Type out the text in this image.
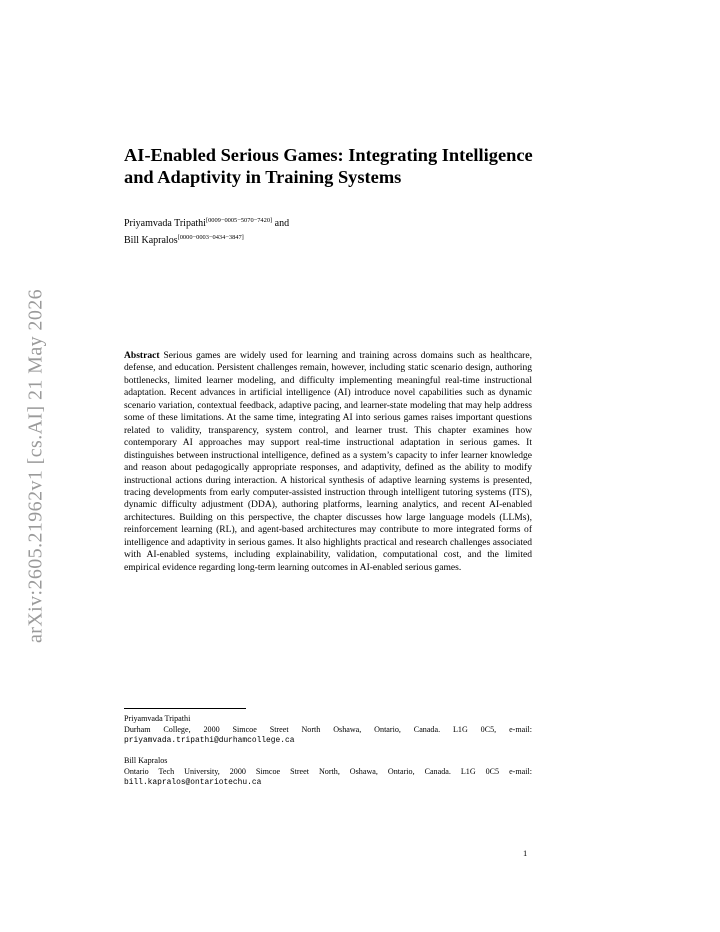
arXiv:2605.21962v1 [cs.AI] 21 May 2026
AI-Enabled Serious Games: Integrating Intelligence and Adaptivity in Training Systems
Priyamvada Tripathi[0009−0005−5070−7420] and
Bill Kapralos[0000−0003−0434−3847]

Abstract Serious games are widely used for learning and training across domains such as healthcare, defense, and education. Persistent challenges remain, however, including static scenario design, authoring bottlenecks, limited learner modeling, and difficulty implementing meaningful real-time instructional adaptation. Recent advances in artificial intelligence (AI) introduce novel capabilities such as dynamic scenario variation, contextual feedback, adaptive pacing, and learner-state modeling that may help address some of these limitations. At the same time, integrating AI into serious games raises important questions related to validity, transparency, system control, and learner trust. This chapter examines how contemporary AI approaches may support real-time instructional adaptation in serious games. It distinguishes between instructional intelligence, defined as a system’s capacity to infer learner knowledge and reason about pedagogically appropriate responses, and adaptivity, defined as the ability to modify instructional actions during interaction. A historical synthesis of adaptive learning systems is presented, tracing developments from early computer-assisted instruction through intelligent tutoring systems (ITS), dynamic difficulty adjustment (DDA), authoring platforms, learning analytics, and recent AI-enabled architectures. Building on this perspective, the chapter discusses how large language models (LLMs), reinforcement learning (RL), and agent-based architectures may contribute to more integrated forms of intelligence and adaptivity in serious games. It also highlights practical and research challenges associated with AI-enabled systems, including explainability, validation, computational cost, and the limited empirical evidence regarding long-term learning outcomes in AI-enabled serious games.

Priyamvada Tripathi
Durham College, 2000 Simcoe Street North Oshawa, Ontario, Canada. L1G 0C5, e-mail: priyamvada.tripathi@durhamcollege.ca
Bill Kapralos
Ontario Tech University, 2000 Simcoe Street North, Oshawa, Ontario, Canada. L1G 0C5 e-mail: bill.kapralos@ontariotechu.ca
1
